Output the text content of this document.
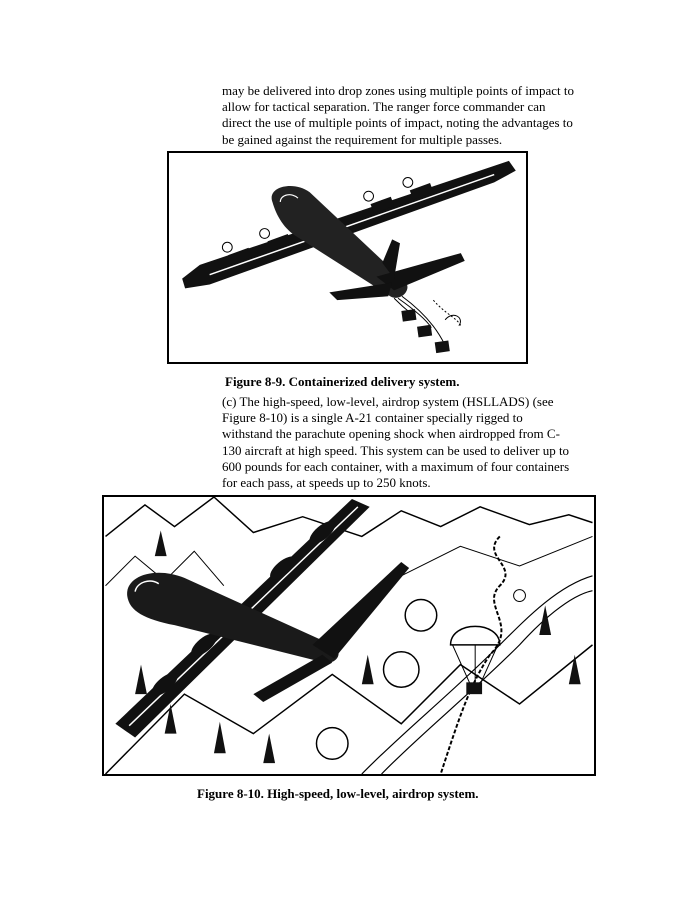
may be delivered into drop zones using multiple points of impact to
allow for tactical separation. The ranger force commander can
direct the use of multiple points of impact, noting the advantages to
be gained against the requirement for multiple passes.
Figure 8-9. Containerized delivery system.
(c) The high-speed, low-level, airdrop system (HSLLADS) (see
Figure 8-10) is a single A-21 container specially rigged to
withstand the parachute opening shock when airdropped from C-
130 aircraft at high speed. This system can be used to deliver up to
600 pounds for each container, with a maximum of four containers
for each pass, at speeds up to 250 knots.
Figure 8-10. High-speed, low-level, airdrop system.
